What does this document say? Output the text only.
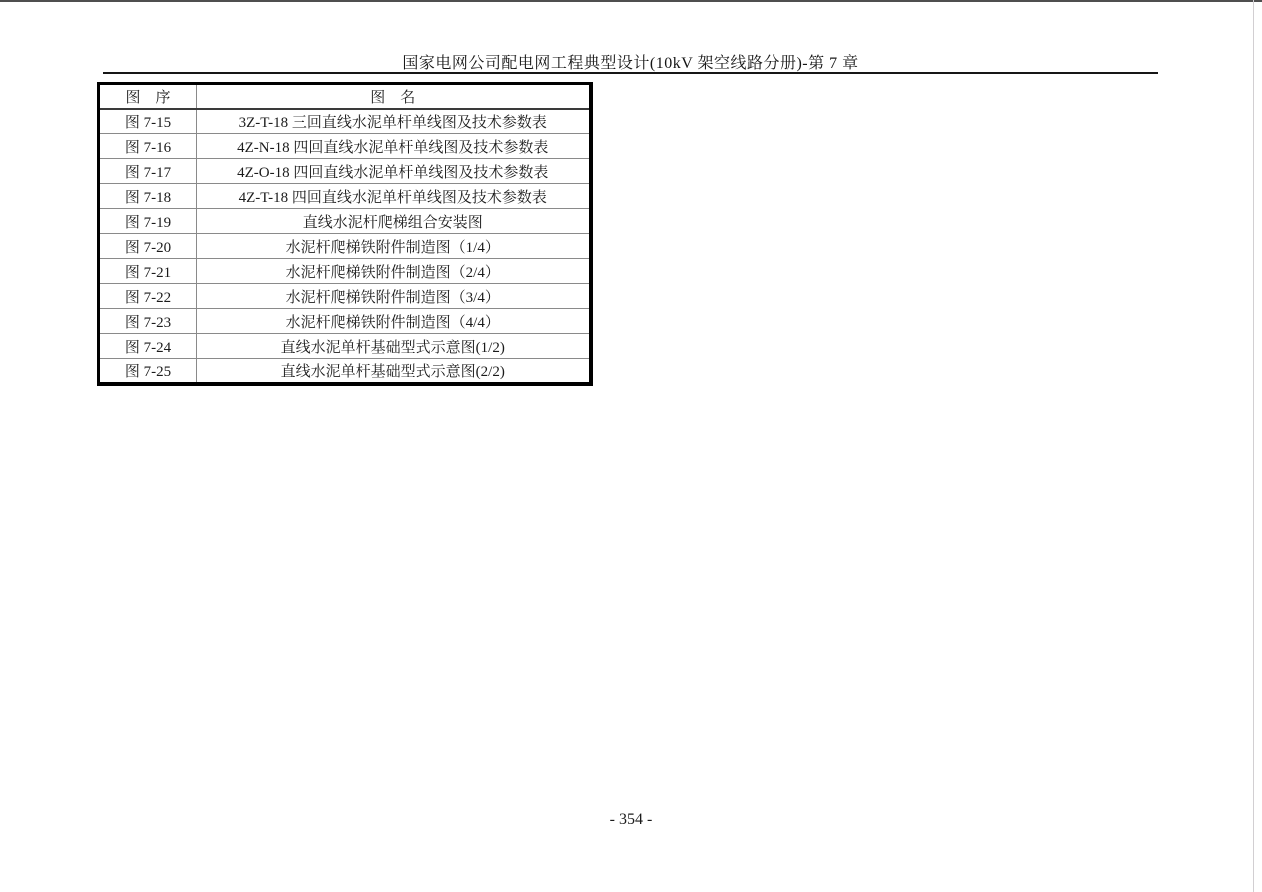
国家电网公司配电网工程典型设计(10kV 架空线路分册)-第 7 章
图　序	图　名
图 7-15	3Z-T-18 三回直线水泥单杆单线图及技术参数表
图 7-16	4Z-N-18 四回直线水泥单杆单线图及技术参数表
图 7-17	4Z-O-18 四回直线水泥单杆单线图及技术参数表
图 7-18	4Z-T-18 四回直线水泥单杆单线图及技术参数表
图 7-19	直线水泥杆爬梯组合安装图
图 7-20	水泥杆爬梯铁附件制造图（1/4）
图 7-21	水泥杆爬梯铁附件制造图（2/4）
图 7-22	水泥杆爬梯铁附件制造图（3/4）
图 7-23	水泥杆爬梯铁附件制造图（4/4）
图 7-24	直线水泥单杆基础型式示意图(1/2)
图 7-25	直线水泥单杆基础型式示意图(2/2)
- 354 -
